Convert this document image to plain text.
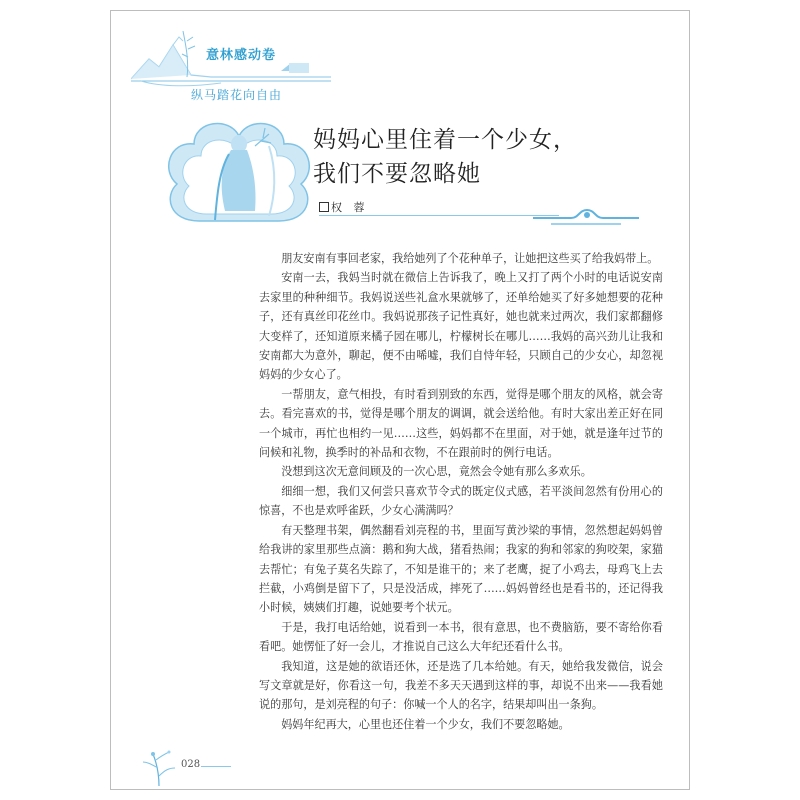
意林感动卷
纵马踏花向自由
妈妈心里住着一个少女，
我们不要忽略她
权 蓉

朋友安南有事回老家，我给她列了个花种单子，让她把这些买了给我妈带上。

安南一去，我妈当时就在微信上告诉我了，晚上又打了两个小时的电话说安南去家里的种种细节。我妈说送些礼盒水果就够了，还单给她买了好多她想要的花种子，还有真丝印花丝巾。我妈说那孩子记性真好，她也就来过两次，我们家都翻修大变样了，还知道原来橘子园在哪儿，柠檬树长在哪儿……我妈的高兴劲儿让我和安南都大为意外，聊起，便不由唏嘘，我们自恃年轻，只顾自己的少女心，却忽视妈妈的少女心了。

一帮朋友，意气相投，有时看到别致的东西，觉得是哪个朋友的风格，就会寄去。看完喜欢的书，觉得是哪个朋友的调调，就会送给他。有时大家出差正好在同一个城市，再忙也相约一见……这些，妈妈都不在里面，对于她，就是逢年过节的问候和礼物，换季时的补品和衣物，不在跟前时的例行电话。

没想到这次无意间顾及的一次心思，竟然会令她有那么多欢乐。

细细一想，我们又何尝只喜欢节令式的既定仪式感，若平淡间忽然有份用心的惊喜，不也是欢呼雀跃，少女心满满吗？

有天整理书架，偶然翻看刘亮程的书，里面写黄沙梁的事情，忽然想起妈妈曾给我讲的家里那些点滴：鹅和狗大战，猪看热闹；我家的狗和邻家的狗咬架，家猫去帮忙；有兔子莫名失踪了，不知是谁干的；来了老鹰，捉了小鸡去，母鸡飞上去拦截，小鸡倒是留下了，只是没活成，摔死了……妈妈曾经也是看书的，还记得我小时候，姨姨们打趣，说她要考个状元。

于是，我打电话给她，说看到一本书，很有意思，也不费脑筋，要不寄给你看看吧。她愣怔了好一会儿，才推说自己这么大年纪还看什么书。

我知道，这是她的欲语还休，还是选了几本给她。有天，她给我发微信，说会写文章就是好，你看这一句，我差不多天天遇到这样的事，却说不出来——我看她说的那句，是刘亮程的句子：你喊一个人的名字，结果却叫出一条狗。

妈妈年纪再大，心里也还住着一个少女，我们不要忽略她。

028
